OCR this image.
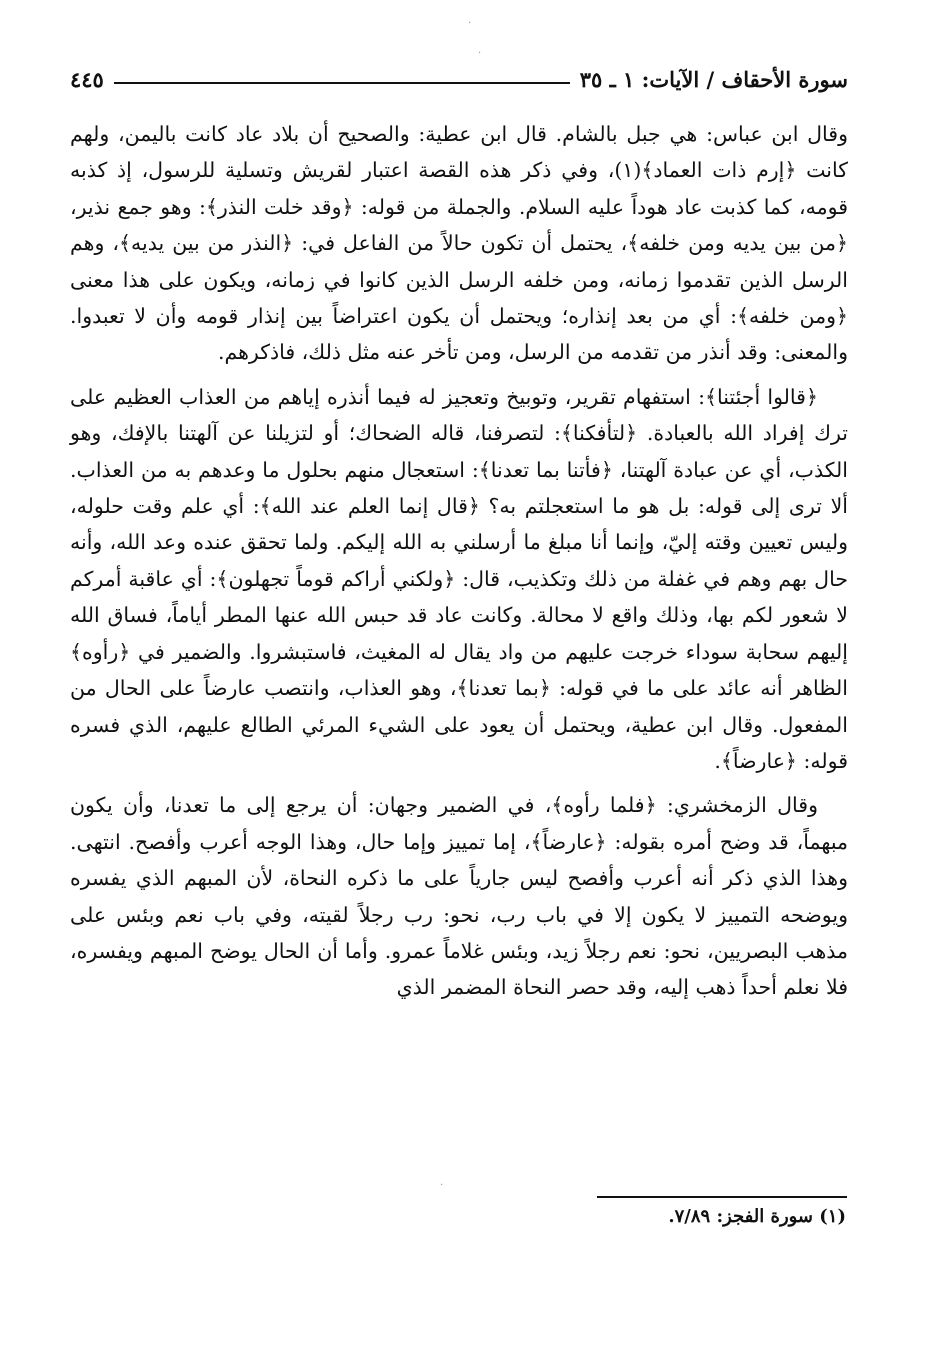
سورة الأحقاف / الآيات: ١ ـ ٣٥
٤٤٥

وقال ابن عباس: هي جبل بالشام. قال ابن عطية: والصحيح أن بلاد عاد كانت باليمن، ولهم كانت ﴿إرم ذات العماد﴾(١)، وفي ذكر هذه القصة اعتبار لقريش وتسلية للرسول، إذ كذبه قومه، كما كذبت عاد هوداً عليه السلام. والجملة من قوله: ﴿وقد خلت النذر﴾: وهو جمع نذير، ﴿من بين يديه ومن خلفه﴾، يحتمل أن تكون حالاً من الفاعل في: ﴿النذر من بين يديه﴾، وهم الرسل الذين تقدموا زمانه، ومن خلفه الرسل الذين كانوا في زمانه، ويكون على هذا معنى ﴿ومن خلفه﴾: أي من بعد إنذاره؛ ويحتمل أن يكون اعتراضاً بين إنذار قومه وأن لا تعبدوا. والمعنى: وقد أنذر من تقدمه من الرسل، ومن تأخر عنه مثل ذلك، فاذكرهم.

﴿قالوا أجئتنا﴾: استفهام تقرير، وتوبيخ وتعجيز له فيما أنذره إياهم من العذاب العظيم على ترك إفراد الله بالعبادة. ﴿لتأفكنا﴾: لتصرفنا، قاله الضحاك؛ أو لتزيلنا عن آلهتنا بالإفك، وهو الكذب، أي عن عبادة آلهتنا، ﴿فأتنا بما تعدنا﴾: استعجال منهم بحلول ما وعدهم به من العذاب. ألا ترى إلى قوله: بل هو ما استعجلتم به؟ ﴿قال إنما العلم عند الله﴾: أي علم وقت حلوله، وليس تعيين وقته إليّ، وإنما أنا مبلغ ما أرسلني به الله إليكم. ولما تحقق عنده وعد الله، وأنه حال بهم وهم في غفلة من ذلك وتكذيب، قال: ﴿ولكني أراكم قوماً تجهلون﴾: أي عاقبة أمركم لا شعور لكم بها، وذلك واقع لا محالة. وكانت عاد قد حبس الله عنها المطر أياماً، فساق الله إليهم سحابة سوداء خرجت عليهم من واد يقال له المغيث، فاستبشروا. والضمير في ﴿رأوه﴾ الظاهر أنه عائد على ما في قوله: ﴿بما تعدنا﴾، وهو العذاب، وانتصب عارضاً على الحال من المفعول. وقال ابن عطية، ويحتمل أن يعود على الشيء المرئي الطالع عليهم، الذي فسره قوله: ﴿عارضاً﴾.

وقال الزمخشري: ﴿فلما رأوه﴾، في الضمير وجهان: أن يرجع إلى ما تعدنا، وأن يكون مبهماً، قد وضح أمره بقوله: ﴿عارضاً﴾، إما تمييز وإما حال، وهذا الوجه أعرب وأفصح. انتهى. وهذا الذي ذكر أنه أعرب وأفصح ليس جارياً على ما ذكره النحاة، لأن المبهم الذي يفسره ويوضحه التمييز لا يكون إلا في باب رب، نحو: رب رجلاً لقيته، وفي باب نعم وبئس على مذهب البصريين، نحو: نعم رجلاً زيد، وبئس غلاماً عمرو. وأما أن الحال يوضح المبهم ويفسره، فلا نعلم أحداً ذهب إليه، وقد حصر النحاة المضمر الذي

(١) سورة الفجز: ٧/٨٩.
·
·
·
